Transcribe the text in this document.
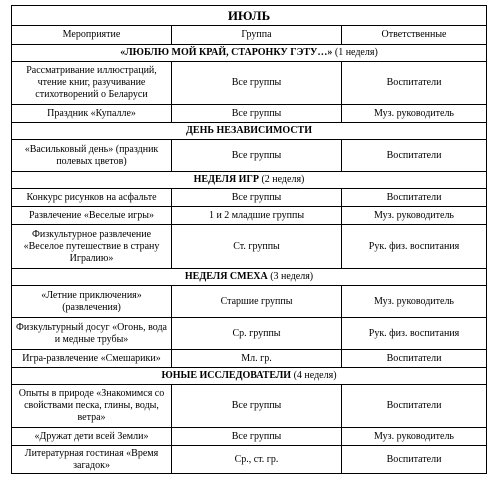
ИЮЛЬ		
Мероприятие	Группа	Ответственные
«ЛЮБЛЮ МОЙ КРАЙ, СТАРОНКУ ГЭТУ…» (1 неделя)		
Рассматривание иллюстраций, чтение книг, разучивание стихотворений о Беларуси	Все группы	Воспитатели
Праздник «Купалле»	Все группы	Муз. руководитель
ДЕНЬ НЕЗАВИСИМОСТИ		
«Васильковый день» (праздник полевых цветов)	Все группы	Воспитатели
НЕДЕЛЯ ИГР (2 неделя)		
Конкурс рисунков на асфальте	Все группы	Воспитатели
Развлечение «Веселые игры»	1 и 2 младшие группы	Муз. руководитель
Физкультурное развлечение «Веселое путешествие в страну Игралию»	Ст. группы	Рук. физ. воспитания
НЕДЕЛЯ СМЕХА (3 неделя)		
«Летние приключения» (развлечения)	Старшие группы	Муз. руководитель
Физкультурный досуг «Огонь, вода и медные трубы»	Ср. группы	Рук. физ. воспитания
Игра-развлечение «Смешарики»	Мл. гр.	Воспитатели
ЮНЫЕ ИССЛЕДОВАТЕЛИ (4 неделя)		
Опыты в природе «Знакомимся со свойствами песка, глины, воды, ветра»	Все группы	Воспитатели
«Дружат дети всей Земли»	Все группы	Муз. руководитель
Литературная гостиная «Время загадок»	Ср., ст. гр.	Воспитатели
